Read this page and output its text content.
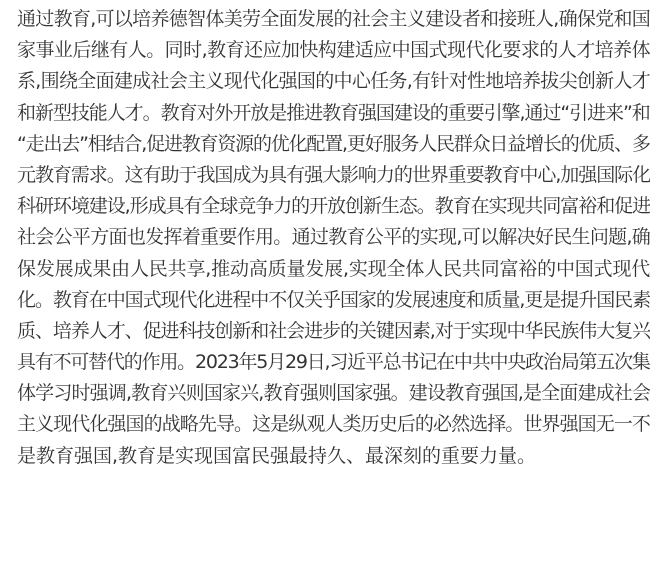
通过教育,可以培养德智体美劳全面发展的社会主义建设者和接班人,确保党和国
家事业后继有人。同时,教育还应加快构建适应中国式现代化要求的人才培养体
系,围绕全面建成社会主义现代化强国的中心任务,有针对性地培养拔尖创新人才
和新型技能人才。教育对外开放是推进教育强国建设的重要引擎,通过“引进来”和
“走出去”相结合,促进教育资源的优化配置,更好服务人民群众日益增长的优质、多
元教育需求。这有助于我国成为具有强大影响力的世界重要教育中心,加强国际化
科研环境建设,形成具有全球竞争力的开放创新生态。教育在实现共同富裕和促进
社会公平方面也发挥着重要作用。通过教育公平的实现,可以解决好民生问题,确
保发展成果由人民共享,推动高质量发展,实现全体人民共同富裕的中国式现代
化。教育在中国式现代化进程中不仅关乎国家的发展速度和质量,更是提升国民素
质、培养人才、促进科技创新和社会进步的关键因素,对于实现中华民族伟大复兴
具有不可替代的作用。2023年5月29日,习近平总书记在中共中央政治局第五次集
体学习时强调,教育兴则国家兴,教育强则国家强。建设教育强国,是全面建成社会
主义现代化强国的战略先导。这是纵观人类历史后的必然选择。世界强国无一不
是教育强国,教育是实现国富民强最持久、最深刻的重要力量。
